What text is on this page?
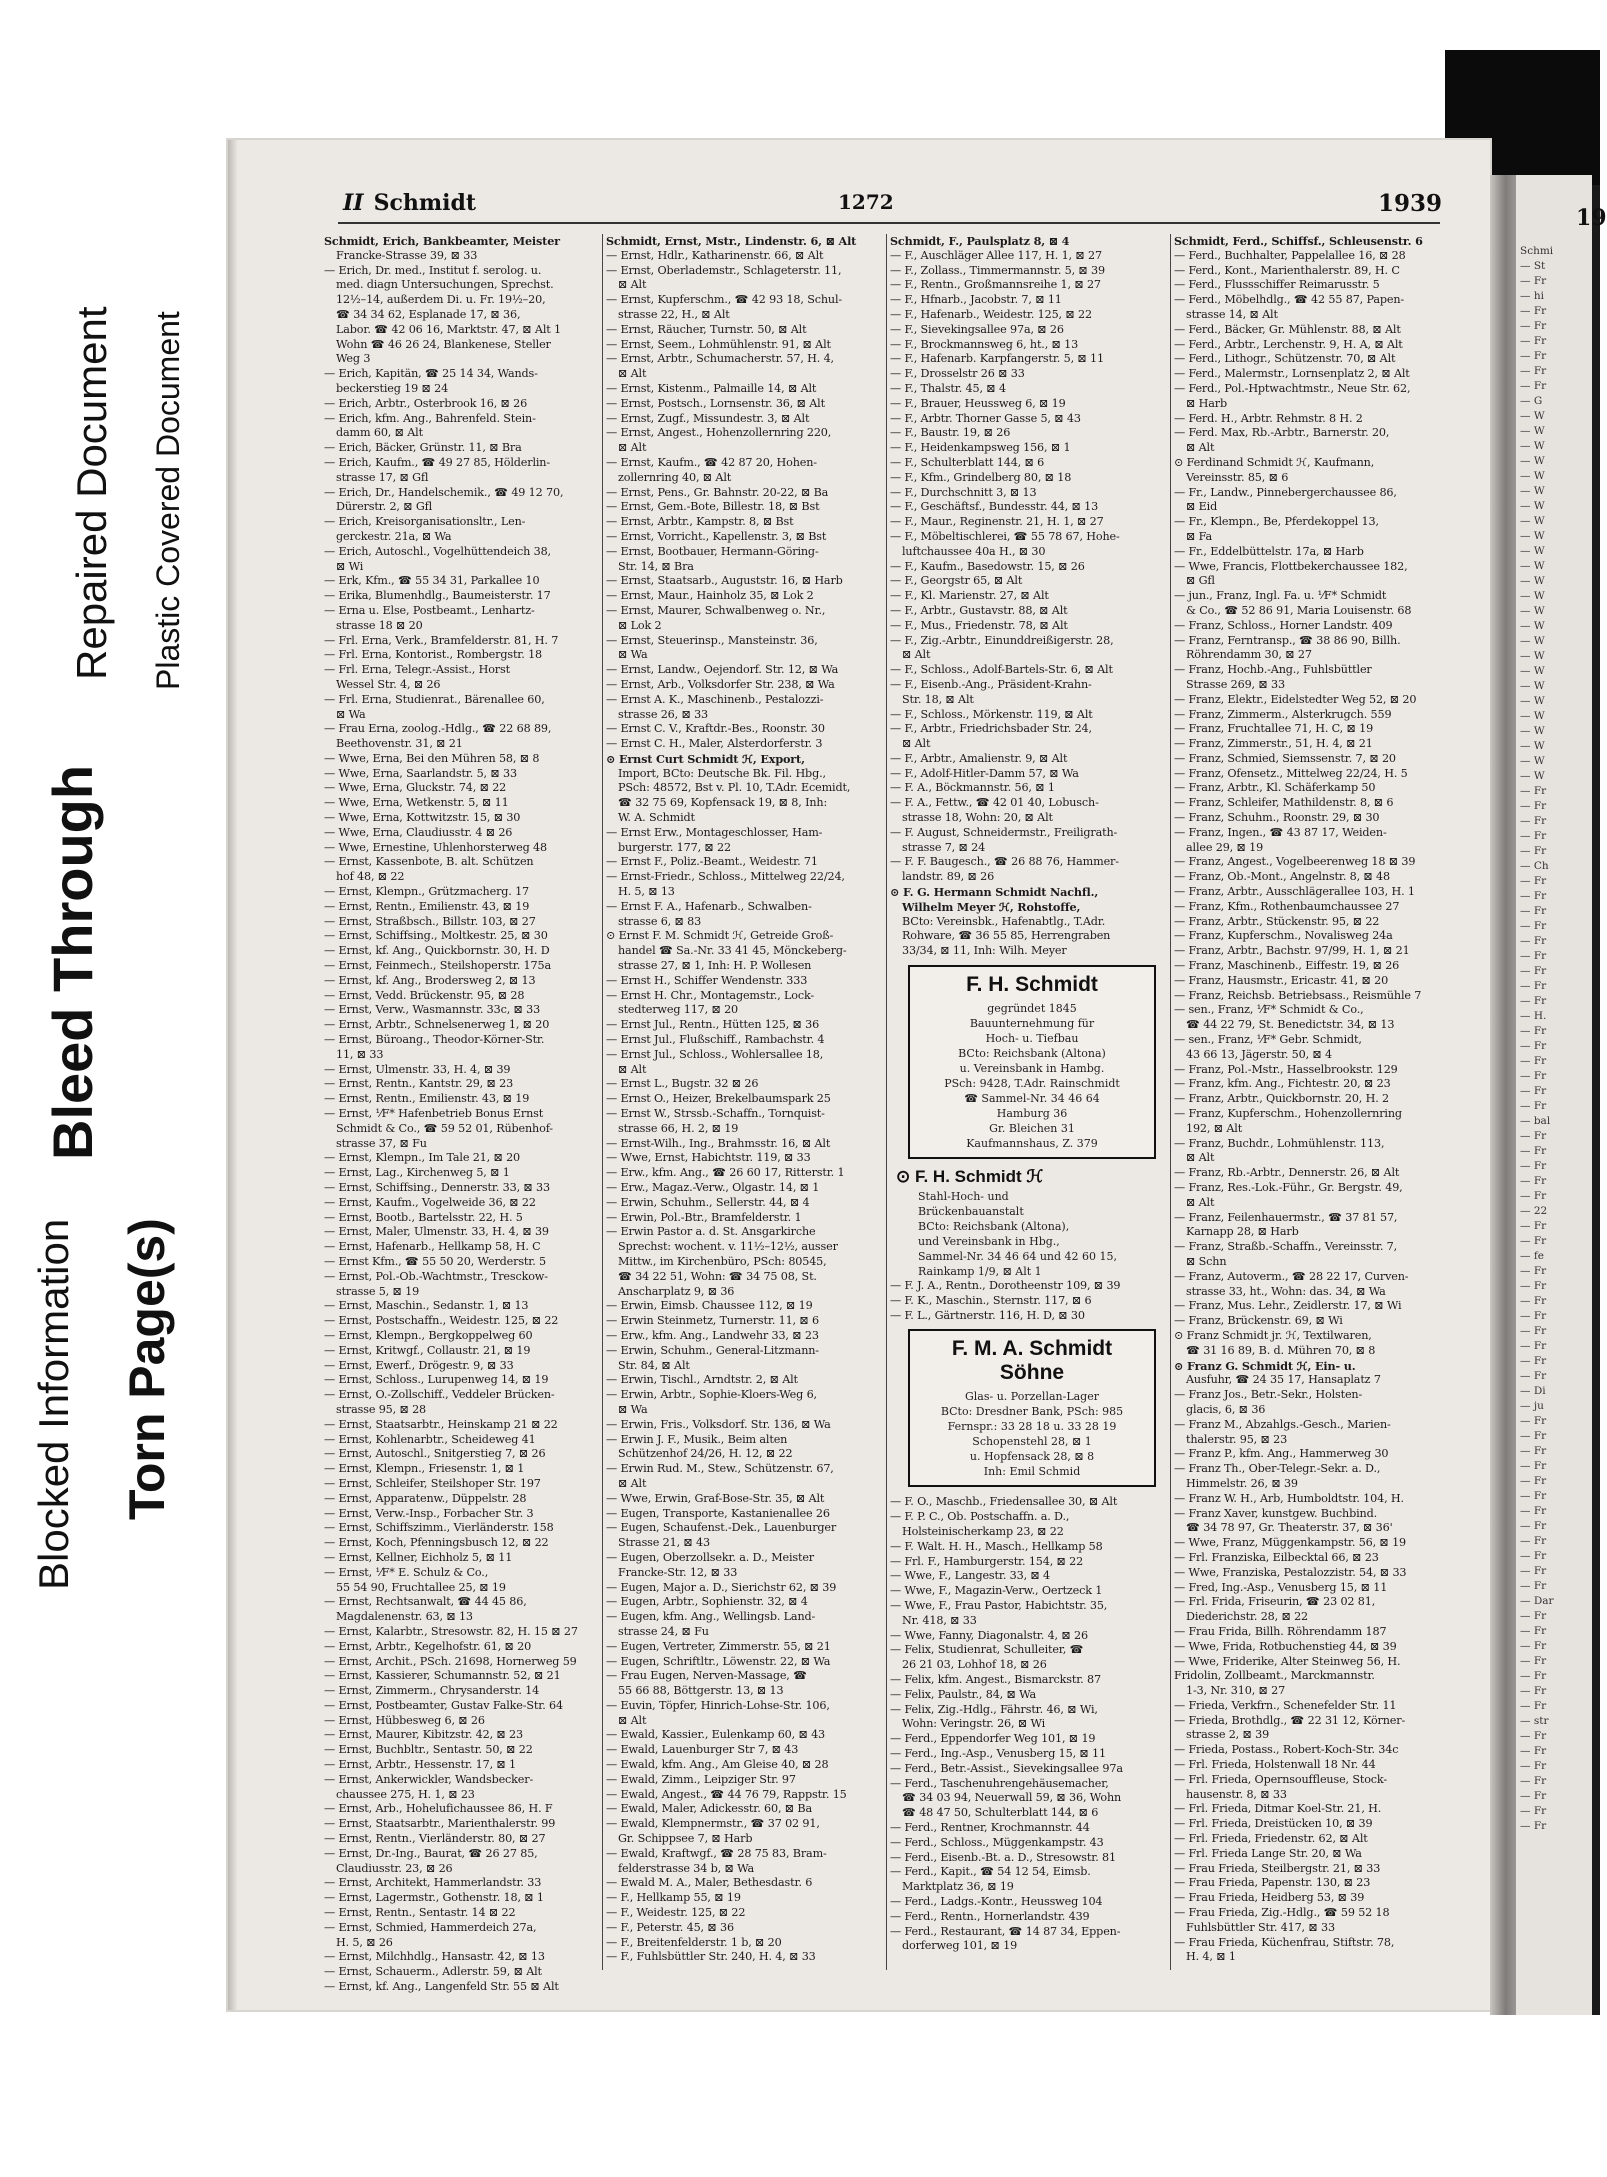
Blocked Information
Bleed Through
Torn Page(s)
Repaired Document Plastic Covered Document
II Schmidt	1272	1939
Schmidt, Erich, Bankbeamter, Meister
Francke-Strasse 39, ⊠ 33
— Erich, Dr. med., Institut f. serolog. u.
med. diagn Untersuchungen, Sprechst.
12½–14, außerdem Di. u. Fr. 19½–20,
☎ 34 34 62, Esplanade 17, ⊠ 36,
Labor. ☎ 42 06 16, Marktstr. 47, ⊠ Alt 1
Wohn ☎ 46 26 24, Blankenese, Steller
Weg 3
— Erich, Kapitän, ☎ 25 14 34, Wands-
beckerstieg 19 ⊠ 24
— Erich, Arbtr., Osterbrook 16, ⊠ 26
— Erich, kfm. Ang., Bahrenfeld. Stein-
damm 60, ⊠ Alt
— Erich, Bäcker, Grünstr. 11, ⊠ Bra
— Erich, Kaufm., ☎ 49 27 85, Hölderlin-
strasse 17, ⊠ Gfl
— Erich, Dr., Handelschemik., ☎ 49 12 70,
Dürerstr. 2, ⊠ Gfl
— Erich, Kreisorganisationsltr., Len-
gerckestr. 21a, ⊠ Wa
— Erich, Autoschl., Vogelhüttendeich 38,
⊠ Wi
— Erk, Kfm., ☎ 55 34 31, Parkallee 10
— Erika, Blumenhdlg., Baumeisterstr. 17
— Erna u. Else, Postbeamt., Lenhartz-
strasse 18 ⊠ 20
— Frl. Erna, Verk., Bramfelderstr. 81, H. 7
— Frl. Erna, Kontorist., Rombergstr. 18
— Frl. Erna, Telegr.-Assist., Horst
Wessel Str. 4, ⊠ 26
— Frl. Erna, Studienrat., Bärenallee 60,
⊠ Wa
— Frau Erna, zoolog.-Hdlg., ☎ 22 68 89,
Beethovenstr. 31, ⊠ 21
— Wwe, Erna, Bei den Mühren 58, ⊠ 8
— Wwe, Erna, Saarlandstr. 5, ⊠ 33
— Wwe, Erna, Gluckstr. 74, ⊠ 22
— Wwe, Erna, Wetkenstr. 5, ⊠ 11
— Wwe, Erna, Kottwitzstr. 15, ⊠ 30
— Wwe, Erna, Claudiusstr. 4 ⊠ 26
— Wwe, Ernestine, Uhlenhorsterweg 48
— Ernst, Kassenbote, B. alt. Schützen
hof 48, ⊠ 22
— Ernst, Klempn., Grützmacherg. 17
— Ernst, Rentn., Emilienstr. 43, ⊠ 19
— Ernst, Straßbsch., Billstr. 103, ⊠ 27
— Ernst, Schiffsing., Moltkestr. 25, ⊠ 30
— Ernst, kf. Ang., Quickbornstr. 30, H. D
— Ernst, Feinmech., Steilshoperstr. 175a
— Ernst, kf. Ang., Brodersweg 2, ⊠ 13
— Ernst, Vedd. Brückenstr. 95, ⊠ 28
— Ernst, Verw., Wasmannstr. 33c, ⊠ 33
— Ernst, Arbtr., Schnelsenerweg 1, ⊠ 20
— Ernst, Büroang., Theodor-Körner-Str.
11, ⊠ 33
— Ernst, Ulmenstr. 33, H. 4, ⊠ 39
— Ernst, Rentn., Kantstr. 29, ⊠ 23
— Ernst, Rentn., Emilienstr. 43, ⊠ 19
— Ernst, ⅟F* Hafenbetrieb Bonus Ernst
Schmidt & Co., ☎ 59 52 01, Rübenhof-
strasse 37, ⊠ Fu
— Ernst, Klempn., Im Tale 21, ⊠ 20
— Ernst, Lag., Kirchenweg 5, ⊠ 1
— Ernst, Schiffsing., Dennerstr. 33, ⊠ 33
— Ernst, Kaufm., Vogelweide 36, ⊠ 22
— Ernst, Bootb., Bartelsstr. 22, H. 5
— Ernst, Maler, Ulmenstr. 33, H. 4, ⊠ 39
— Ernst, Hafenarb., Hellkamp 58, H. C
— Ernst Kfm., ☎ 55 50 20, Werderstr. 5
— Ernst, Pol.-Ob.-Wachtmstr., Tresckow-
strasse 5, ⊠ 19
— Ernst, Maschin., Sedanstr. 1, ⊠ 13
— Ernst, Postschaffn., Weidestr. 125, ⊠ 22
— Ernst, Klempn., Bergkoppelweg 60
— Ernst, Kritwgf., Collaustr. 21, ⊠ 19
— Ernst, Ewerf., Drögestr. 9, ⊠ 33
— Ernst, Schloss., Lurupenweg 14, ⊠ 19
— Ernst, O.-Zollschiff., Veddeler Brücken-
strasse 95, ⊠ 28
— Ernst, Staatsarbtr., Heinskamp 21 ⊠ 22
— Ernst, Kohlenarbtr., Scheideweg 41
— Ernst, Autoschl., Snitgerstieg 7, ⊠ 26
— Ernst, Klempn., Friesenstr. 1, ⊠ 1
— Ernst, Schleifer, Steilshoper Str. 197
— Ernst, Apparatenw., Düppelstr. 28
— Ernst, Verw.-Insp., Forbacher Str. 3
— Ernst, Schiffszimm., Vierländerstr. 158
— Ernst, Koch, Pfenningsbusch 12, ⊠ 22
— Ernst, Kellner, Eichholz 5, ⊠ 11
— Ernst, ⅟F* E. Schulz & Co.,
55 54 90, Fruchtallee 25, ⊠ 19
— Ernst, Rechtsanwalt, ☎ 44 45 86,
Magdalenenstr. 63, ⊠ 13
— Ernst, Kalarbtr., Stresowstr. 82, H. 15 ⊠ 27
— Ernst, Arbtr., Kegelhofstr. 61, ⊠ 20
— Ernst, Archit., PSch. 21698, Hornerweg 59
— Ernst, Kassierer, Schumannstr. 52, ⊠ 21
— Ernst, Zimmerm., Chrysanderstr. 14
— Ernst, Postbeamter, Gustav Falke-Str. 64
— Ernst, Hübbesweg 6, ⊠ 26
— Ernst, Maurer, Kibitzstr. 42, ⊠ 23
— Ernst, Buchbltr., Sentastr. 50, ⊠ 22
— Ernst, Arbtr., Hessenstr. 17, ⊠ 1
— Ernst, Ankerwickler, Wandsbecker-
chaussee 275, H. 1, ⊠ 23
— Ernst, Arb., Hohelufichaussee 86, H. F
— Ernst, Staatsarbtr., Marienthalerstr. 99
— Ernst, Rentn., Vierländerstr. 80, ⊠ 27
— Ernst, Dr.-Ing., Baurat, ☎ 26 27 85,
Claudiusstr. 23, ⊠ 26
— Ernst, Architekt, Hammerlandstr. 33
— Ernst, Lagermstr., Gothenstr. 18, ⊠ 1
— Ernst, Rentn., Sentastr. 14 ⊠ 22
— Ernst, Schmied, Hammerdeich 27a,
H. 5, ⊠ 26
— Ernst, Milchhdlg., Hansastr. 42, ⊠ 13
— Ernst, Schauerm., Adlerstr. 59, ⊠ Alt
— Ernst, kf. Ang., Langenfeld Str. 55 ⊠ Alt
Schmidt, Ernst, Mstr., Lindenstr. 6, ⊠ Alt
— Ernst, Hdlr., Katharinenstr. 66, ⊠ Alt
— Ernst, Oberlademstr., Schlageterstr. 11,
⊠ Alt
— Ernst, Kupferschm., ☎ 42 93 18, Schul-
strasse 22, H., ⊠ Alt
— Ernst, Räucher, Turnstr. 50, ⊠ Alt
— Ernst, Seem., Lohmühlenstr. 91, ⊠ Alt
— Ernst, Arbtr., Schumacherstr. 57, H. 4,
⊠ Alt
— Ernst, Kistenm., Palmaille 14, ⊠ Alt
— Ernst, Postsch., Lornsenstr. 36, ⊠ Alt
— Ernst, Zugf., Missundestr. 3, ⊠ Alt
— Ernst, Angest., Hohenzollernring 220,
⊠ Alt
— Ernst, Kaufm., ☎ 42 87 20, Hohen-
zollernring 40, ⊠ Alt
— Ernst, Pens., Gr. Bahnstr. 20-22, ⊠ Ba
— Ernst, Gem.-Bote, Billestr. 18, ⊠ Bst
— Ernst, Arbtr., Kampstr. 8, ⊠ Bst
— Ernst, Vorricht., Kapellenstr. 3, ⊠ Bst
— Ernst, Bootbauer, Hermann-Göring-
Str. 14, ⊠ Bra
— Ernst, Staatsarb., Auguststr. 16, ⊠ Harb
— Ernst, Maur., Hainholz 35, ⊠ Lok 2
— Ernst, Maurer, Schwalbenweg o. Nr.,
⊠ Lok 2
— Ernst, Steuerinsp., Mansteinstr. 36,
⊠ Wa
— Ernst, Landw., Oejendorf. Str. 12, ⊠ Wa
— Ernst, Arb., Volksdorfer Str. 238, ⊠ Wa
— Ernst A. K., Maschinenb., Pestalozzi-
strasse 26, ⊠ 33
— Ernst C. V., Kraftdr.-Bes., Roonstr. 30
— Ernst C. H., Maler, Alsterdorferstr. 3
⊙ Ernst Curt Schmidt ℋ, Export,
Import, BCto: Deutsche Bk. Fil. Hbg.,
PSch: 48572, Bst v. Pl. 10, T.Adr. Ecemidt,
☎ 32 75 69, Kopfensack 19, ⊠ 8, Inh:
W. A. Schmidt
— Ernst Erw., Montageschlosser, Ham-
burgerstr. 177, ⊠ 22
— Ernst F., Poliz.-Beamt., Weidestr. 71
— Ernst-Friedr., Schloss., Mittelweg 22/24,
H. 5, ⊠ 13
— Ernst F. A., Hafenarb., Schwalben-
strasse 6, ⊠ 83
⊙ Ernst F. M. Schmidt ℋ, Getreide Groß-
handel ☎ Sa.-Nr. 33 41 45, Mönckeberg-
strasse 27, ⊠ 1, Inh: H. P. Wollesen
— Ernst H., Schiffer Wendenstr. 333
— Ernst H. Chr., Montagemstr., Lock-
stedterweg 117, ⊠ 20
— Ernst Jul., Rentn., Hütten 125, ⊠ 36
— Ernst Jul., Flußschiff., Rambachstr. 4
— Ernst Jul., Schloss., Wohlersallee 18,
⊠ Alt
— Ernst L., Bugstr. 32 ⊠ 26
— Ernst O., Heizer, Brekelbaumspark 25
— Ernst W., Strssb.-Schaffn., Tornquist-
strasse 66, H. 2, ⊠ 19
— Ernst-Wilh., Ing., Brahmsstr. 16, ⊠ Alt
— Wwe, Ernst, Habichtstr. 119, ⊠ 33
— Erw., kfm. Ang., ☎ 26 60 17, Ritterstr. 1
— Erw., Magaz.-Verw., Olgastr. 14, ⊠ 1
— Erwin, Schuhm., Sellerstr. 44, ⊠ 4
— Erwin, Pol.-Btr., Bramfelderstr. 1
— Erwin Pastor a. d. St. Ansgarkirche
Sprechst: wochent. v. 11½–12½, ausser
Mittw., im Kirchenbüro, PSch: 80545,
☎ 34 22 51, Wohn: ☎ 34 75 08, St.
Anscharplatz 9, ⊠ 36
— Erwin, Eimsb. Chaussee 112, ⊠ 19
— Erwin Steinmetz, Turnerstr. 11, ⊠ 6
— Erw., kfm. Ang., Landwehr 33, ⊠ 23
— Erwin, Schuhm., General-Litzmann-
Str. 84, ⊠ Alt
— Erwin, Tischl., Arndtstr. 2, ⊠ Alt
— Erwin, Arbtr., Sophie-Kloers-Weg 6,
⊠ Wa
— Erwin, Fris., Volksdorf. Str. 136, ⊠ Wa
— Erwin J. F., Musik., Beim alten
Schützenhof 24/26, H. 12, ⊠ 22
— Erwin Rud. M., Stew., Schützenstr. 67,
⊠ Alt
— Wwe, Erwin, Graf-Bose-Str. 35, ⊠ Alt
— Eugen, Transporte, Kastanienallee 26
— Eugen, Schaufenst.-Dek., Lauenburger
Strasse 21, ⊠ 43
— Eugen, Oberzollsekr. a. D., Meister
Francke-Str. 12, ⊠ 33
— Eugen, Major a. D., Sierichstr 62, ⊠ 39
— Eugen, Arbtr., Sophienstr. 32, ⊠ 4
— Eugen, kfm. Ang., Wellingsb. Land-
strasse 24, ⊠ Fu
— Eugen, Vertreter, Zimmerstr. 55, ⊠ 21
— Eugen, Schriftltr., Löwenstr. 22, ⊠ Wa
— Frau Eugen, Nerven-Massage, ☎
55 66 88, Böttgerstr. 13, ⊠ 13
— Euvin, Töpfer, Hinrich-Lohse-Str. 106,
⊠ Alt
— Ewald, Kassier., Eulenkamp 60, ⊠ 43
— Ewald, Lauenburger Str 7, ⊠ 43
— Ewald, kfm. Ang., Am Gleise 40, ⊠ 28
— Ewald, Zimm., Leipziger Str. 97
— Ewald, Angest., ☎ 44 76 79, Rappstr. 15
— Ewald, Maler, Adickesstr. 60, ⊠ Ba
— Ewald, Klempnermstr., ☎ 37 02 91,
Gr. Schippsee 7, ⊠ Harb
— Ewald, Kraftwgf., ☎ 28 75 83, Bram-
felderstrasse 34 b, ⊠ Wa
— Ewald M. A., Maler, Bethesdastr. 6
— F., Hellkamp 55, ⊠ 19
— F., Weidestr. 125, ⊠ 22
— F., Peterstr. 45, ⊠ 36
— F., Breitenfelderstr. 1 b, ⊠ 20
— F., Fuhlsbüttler Str. 240, H. 4, ⊠ 33
Schmidt, F., Paulsplatz 8, ⊠ 4
— F., Auschläger Allee 117, H. 1, ⊠ 27
— F., Zollass., Timmermannstr. 5, ⊠ 39
— F., Rentn., Großmannsreihe 1, ⊠ 27
— F., Hfnarb., Jacobstr. 7, ⊠ 11
— F., Hafenarb., Weidestr. 125, ⊠ 22
— F., Sievekingsallee 97a, ⊠ 26
— F., Brockmannsweg 6, ht., ⊠ 13
— F., Hafenarb. Karpfangerstr. 5, ⊠ 11
— F., Drosselstr 26 ⊠ 33
— F., Thalstr. 45, ⊠ 4
— F., Brauer, Heussweg 6, ⊠ 19
— F., Arbtr. Thorner Gasse 5, ⊠ 43
— F., Baustr. 19, ⊠ 26
— F., Heidenkampsweg 156, ⊠ 1
— F., Schulterblatt 144, ⊠ 6
— F., Kfm., Grindelberg 80, ⊠ 18
— F., Durchschnitt 3, ⊠ 13
— F., Geschäftsf., Bundesstr. 44, ⊠ 13
— F., Maur., Reginenstr. 21, H. 1, ⊠ 27
— F., Möbeltischlerei, ☎ 55 78 67, Hohe-
luftchaussee 40a H., ⊠ 30
— F., Kaufm., Basedowstr. 15, ⊠ 26
— F., Georgstr 65, ⊠ Alt
— F., Kl. Marienstr. 27, ⊠ Alt
— F., Arbtr., Gustavstr. 88, ⊠ Alt
— F., Mus., Friedenstr. 78, ⊠ Alt
— F., Zig.-Arbtr., Einunddreißigerstr. 28,
⊠ Alt
— F., Schloss., Adolf-Bartels-Str. 6, ⊠ Alt
— F., Eisenb.-Ang., Präsident-Krahn-
Str. 18, ⊠ Alt
— F., Schloss., Mörkenstr. 119, ⊠ Alt
— F., Arbtr., Friedrichsbader Str. 24,
⊠ Alt
— F., Arbtr., Amalienstr. 9, ⊠ Alt
— F., Adolf-Hitler-Damm 57, ⊠ Wa
— F. A., Böckmannstr. 56, ⊠ 1
— F. A., Fettw., ☎ 42 01 40, Lobusch-
strasse 18, Wohn: 20, ⊠ Alt
— F. August, Schneidermstr., Freiligrath-
strasse 7, ⊠ 24
— F. F. Baugesch., ☎ 26 88 76, Hammer-
landstr. 89, ⊠ 26
⊙ F. G. Hermann Schmidt Nachfl.,
Wilhelm Meyer ℋ, Rohstoffe,
BCto: Vereinsbk., Hafenabtlg., T.Adr.
Rohware, ☎ 36 55 85, Herrengraben
33/34, ⊠ 11, Inh: Wilh. Meyer
F. H. Schmidt
gegründet 1845
Bauunternehmung für
Hoch- u. Tiefbau
BCto: Reichsbank (Altona)
u. Vereinsbank in Hambg.
PSch: 9428, T.Adr. Rainschmidt
☎ Sammel-Nr. 34 46 64
Hamburg 36
Gr. Bleichen 31
Kaufmannshaus, Z. 379
⊙ F. H. Schmidt ℋ
Stahl-Hoch- und
Brückenbauanstalt
BCto: Reichsbank (Altona),
und Vereinsbank in Hbg.,
Sammel-Nr. 34 46 64 und 42 60 15,
Rainkamp 1/9, ⊠ Alt 1
— F. J. A., Rentn., Dorotheenstr 109, ⊠ 39
— F. K., Maschin., Sternstr. 117, ⊠ 6
— F. L., Gärtnerstr. 116, H. D, ⊠ 30
F. M. A. Schmidt Söhne
Glas- u. Porzellan-Lager
BCto: Dresdner Bank, PSch: 985
Fernspr.: 33 28 18 u. 33 28 19
Schopenstehl 28, ⊠ 1
u. Hopfensack 28, ⊠ 8
Inh: Emil Schmid
— F. O., Maschb., Friedensallee 30, ⊠ Alt
— F. P. C., Ob. Postschaffn. a. D.,
Holsteinischerkamp 23, ⊠ 22
— F. Walt. H. H., Masch., Hellkamp 58
— Frl. F., Hamburgerstr. 154, ⊠ 22
— Wwe, F., Langestr. 33, ⊠ 4
— Wwe, F., Magazin-Verw., Oertzeck 1
— Wwe, F., Frau Pastor, Habichtstr. 35,
Nr. 418, ⊠ 33
— Wwe, Fanny, Diagonalstr. 4, ⊠ 26
— Felix, Studienrat, Schulleiter, ☎
26 21 03, Lohhof 18, ⊠ 26
— Felix, kfm. Angest., Bismarckstr. 87
— Felix, Paulstr., 84, ⊠ Wa
— Felix, Zig.-Hdlg., Fährstr. 46, ⊠ Wi,
Wohn: Veringstr. 26, ⊠ Wi
— Ferd., Eppendorfer Weg 101, ⊠ 19
— Ferd., Ing.-Asp., Venusberg 15, ⊠ 11
— Ferd., Betr.-Assist., Sievekingsallee 97a
— Ferd., Taschenuhrengehäusemacher,
☎ 34 03 94, Neuerwall 59, ⊠ 36, Wohn
☎ 48 47 50, Schulterblatt 144, ⊠ 6
— Ferd., Rentner, Krochmannstr. 44
— Ferd., Schloss., Müggenkampstr. 43
— Ferd., Eisenb.-Bt. a. D., Stresowstr. 81
— Ferd., Kapit., ☎ 54 12 54, Eimsb.
Marktplatz 36, ⊠ 19
— Ferd., Ladgs.-Kontr., Heussweg 104
— Ferd., Rentn., Hornerlandstr. 439
— Ferd., Restaurant, ☎ 14 87 34, Eppen-
dorferweg 101, ⊠ 19
Schmidt, Ferd., Schiffsf., Schleusenstr. 6
— Ferd., Buchhalter, Pappelallee 16, ⊠ 28
— Ferd., Kont., Marienthalerstr. 89, H. C
— Ferd., Flussschiffer Reimarusstr. 5
— Ferd., Möbelhdlg., ☎ 42 55 87, Papen-
strasse 14, ⊠ Alt
— Ferd., Bäcker, Gr. Mühlenstr. 88, ⊠ Alt
— Ferd., Arbtr., Lerchenstr. 9, H. A, ⊠ Alt
— Ferd., Lithogr., Schützenstr. 70, ⊠ Alt
— Ferd., Malermstr., Lornsenplatz 2, ⊠ Alt
— Ferd., Pol.-Hptwachtmstr., Neue Str. 62,
⊠ Harb
— Ferd. H., Arbtr. Rehmstr. 8 H. 2
— Ferd. Max, Rb.-Arbtr., Barnerstr. 20,
⊠ Alt
⊙ Ferdinand Schmidt ℋ, Kaufmann,
Vereinsstr. 85, ⊠ 6
— Fr., Landw., Pinnebergerchaussee 86,
⊠ Eid
— Fr., Klempn., Be, Pferdekoppel 13,
⊠ Fa
— Fr., Eddelbüttelstr. 17a, ⊠ Harb
— Wwe, Francis, Flottbekerchaussee 182,
⊠ Gfl
— jun., Franz, Ingl. Fa. u. ⅟F* Schmidt
& Co., ☎ 52 86 91, Maria Louisenstr. 68
— Franz, Schloss., Horner Landstr. 409
— Franz, Ferntransp., ☎ 38 86 90, Billh.
Röhrendamm 30, ⊠ 27
— Franz, Hochb.-Ang., Fuhlsbüttler
Strasse 269, ⊠ 33
— Franz, Elektr., Eidelstedter Weg 52, ⊠ 20
— Franz, Zimmerm., Alsterkrugch. 559
— Franz, Fruchtallee 71, H. C, ⊠ 19
— Franz, Zimmerstr., 51, H. 4, ⊠ 21
— Franz, Schmied, Siemssenstr. 7, ⊠ 20
— Franz, Ofensetz., Mittelweg 22/24, H. 5
— Franz, Arbtr., Kl. Schäferkamp 50
— Franz, Schleifer, Mathildenstr. 8, ⊠ 6
— Franz, Schuhm., Roonstr. 29, ⊠ 30
— Franz, Ingen., ☎ 43 87 17, Weiden-
allee 29, ⊠ 19
— Franz, Angest., Vogelbeerenweg 18 ⊠ 39
— Franz, Ob.-Mont., Angelnstr. 8, ⊠ 48
— Franz, Arbtr., Ausschlägerallee 103, H. 1
— Franz, Kfm., Rothenbaumchaussee 27
— Franz, Arbtr., Stückenstr. 95, ⊠ 22
— Franz, Kupferschm., Novalisweg 24a
— Franz, Arbtr., Bachstr. 97/99, H. 1, ⊠ 21
— Franz, Maschinenb., Eiffestr. 19, ⊠ 26
— Franz, Hausmstr., Ericastr. 41, ⊠ 20
— Franz, Reichsb. Betriebsass., Reismühle 7
— sen., Franz, ⅟F* Schmidt & Co.,
☎ 44 22 79, St. Benedictstr. 34, ⊠ 13
— sen., Franz, ⅟F* Gebr. Schmidt,
43 66 13, Jägerstr. 50, ⊠ 4
— Franz, Pol.-Mstr., Hasselbrookstr. 129
— Franz, kfm. Ang., Fichtestr. 20, ⊠ 23
— Franz, Arbtr., Quickbornstr. 20, H. 2
— Franz, Kupferschm., Hohenzollernring
192, ⊠ Alt
— Franz, Buchdr., Lohmühlenstr. 113,
⊠ Alt
— Franz, Rb.-Arbtr., Dennerstr. 26, ⊠ Alt
— Franz, Res.-Lok.-Führ., Gr. Bergstr. 49,
⊠ Alt
— Franz, Feilenhauermstr., ☎ 37 81 57,
Karnapp 28, ⊠ Harb
— Franz, Straßb.-Schaffn., Vereinsstr. 7,
⊠ Schn
— Franz, Autoverm., ☎ 28 22 17, Curven-
strasse 33, ht., Wohn: das. 34, ⊠ Wa
— Franz, Mus. Lehr., Zeidlerstr. 17, ⊠ Wi
— Franz, Brückenstr. 69, ⊠ Wi
⊙ Franz Schmidt jr. ℋ, Textilwaren,
☎ 31 16 89, B. d. Mühren 70, ⊠ 8
⊙ Franz G. Schmidt ℋ, Ein- u.
Ausfuhr, ☎ 24 35 17, Hansaplatz 7
— Franz Jos., Betr.-Sekr., Holsten-
glacis, 6, ⊠ 36
— Franz M., Abzahlgs.-Gesch., Marien-
thalerstr. 95, ⊠ 23
— Franz P., kfm. Ang., Hammerweg 30
— Franz Th., Ober-Telegr.-Sekr. a. D.,
Himmelstr. 26, ⊠ 39
— Franz W. H., Arb, Humboldtstr. 104, H.
— Franz Xaver, kunstgew. Buchbind.
☎ 34 78 97, Gr. Theaterstr. 37, ⊠ 36'
— Wwe, Franz, Müggenkampstr. 56, ⊠ 19
— Frl. Franziska, Eilbecktal 66, ⊠ 23
— Wwe, Franziska, Pestalozzistr. 54, ⊠ 33
— Fred, Ing.-Asp., Venusberg 15, ⊠ 11
— Frl. Frida, Friseurin, ☎ 23 02 81,
Diederichstr. 28, ⊠ 22
— Frau Frida, Billh. Röhrendamm 187
— Wwe, Frida, Rotbuchenstieg 44, ⊠ 39
— Wwe, Friderike, Alter Steinweg 56, H.
Fridolin, Zollbeamt., Marckmannstr.
1-3, Nr. 310, ⊠ 27
— Frieda, Verkfrn., Schenefelder Str. 11
— Frieda, Brothdlg., ☎ 22 31 12, Körner-
strasse 2, ⊠ 39
— Frieda, Postass., Robert-Koch-Str. 34c
— Frl. Frieda, Holstenwall 18 Nr. 44
— Frl. Frieda, Opernsouffleuse, Stock-
hausenstr. 8, ⊠ 33
— Frl. Frieda, Ditmar Koel-Str. 21, H.
— Frl. Frieda, Dreistücken 10, ⊠ 39
— Frl. Frieda, Friedenstr. 62, ⊠ Alt
— Frl. Frieda Lange Str. 20, ⊠ Wa
— Frau Frieda, Steilbergstr. 21, ⊠ 33
— Frau Frieda, Papenstr. 130, ⊠ 23
— Frau Frieda, Heidberg 53, ⊠ 39
— Frau Frieda, Zig.-Hdlg., ☎ 59 52 18
Fuhlsbüttler Str. 417, ⊠ 33
— Frau Frieda, Küchenfrau, Stiftstr. 78,
H. 4, ⊠ 1
19
Schmi
— St
— Fr
— hi
— Fr
— Fr
— Fr
— Fr
— Fr
— Fr
— G
— W
— W
— W
— W
— W
— W
— W
— W
— W
— W
— W
— W
— W
— W
— W
— W
— W
— W
— W
— W
— W
— W
— W
— W
— W
— Fr
— Fr
— Fr
— Fr
— Fr
— Ch
— Fr
— Fr
— Fr
— Fr
— Fr
— Fr
— Fr
— Fr
— Fr
— H.
— Fr
— Fr
— Fr
— Fr
— Fr
— Fr
— bal
— Fr
— Fr
— Fr
— Fr
— Fr
— 22
— Fr
— Fr
— fe
— Fr
— Fr
— Fr
— Fr
— Fr
— Fr
— Fr
— Fr
— Di
— ju
— Fr
— Fr
— Fr
— Fr
— Fr
— Fr
— Fr
— Fr
— Fr
— Fr
— Fr
— Fr
— Dar
— Fr
— Fr
— Fr
— Fr
— Fr
— Fr
— Fr
— str
— Fr
— Fr
— Fr
— Fr
— Fr
— Fr
— Fr
